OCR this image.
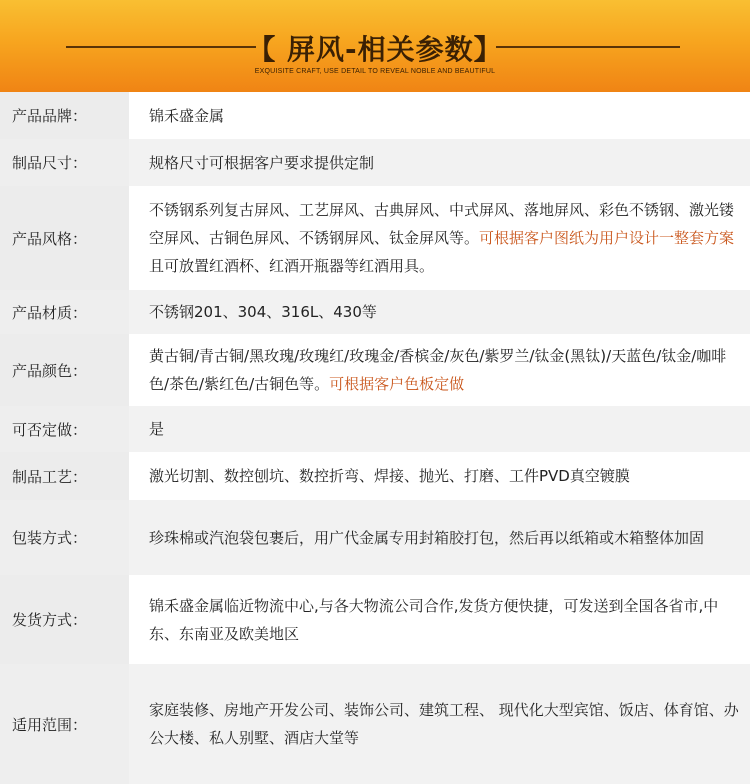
【 屏风-相关参数】
EXQUISITE CRAFT, USE DETAIL TO REVEAL NOBLE AND BEAUTIFUL
产品品牌：	锦禾盛金属
制品尺寸：	规格尺寸可根据客户要求提供定制
产品风格：
不锈钢系列复古屏风、工艺屏风、古典屏风、中式屏风、落地屏风、彩色不锈钢、激光镂空屏风、古铜色屏风、不锈钢屏风、钛金屏风等。可根据客户图纸为用户设计一整套方案且可放置红酒杯、红酒开瓶器等红酒用具。
产品材质：	不锈钢201、304、316L、430等
产品颜色：
黄古铜/青古铜/黑玫瑰/玫瑰红/玫瑰金/香槟金/灰色/紫罗兰/钛金(黑钛)/天蓝色/钛金/咖啡色/茶色/紫红色/古铜色等。可根据客户色板定做
可否定做：	是
制品工艺：	激光切割、数控刨坑、数控折弯、焊接、抛光、打磨、工件PVD真空镀膜
包装方式：	珍珠棉或汽泡袋包裹后，用广代金属专用封箱胶打包，然后再以纸箱或木箱整体加固
发货方式：
锦禾盛金属临近物流中心,与各大物流公司合作,发货方便快捷，可发送到全国各省市,中东、东南亚及欧美地区
适用范围：
家庭装修、房地产开发公司、装饰公司、建筑工程、 现代化大型宾馆、饭店、体育馆、办公大楼、私人别墅、酒店大堂等
